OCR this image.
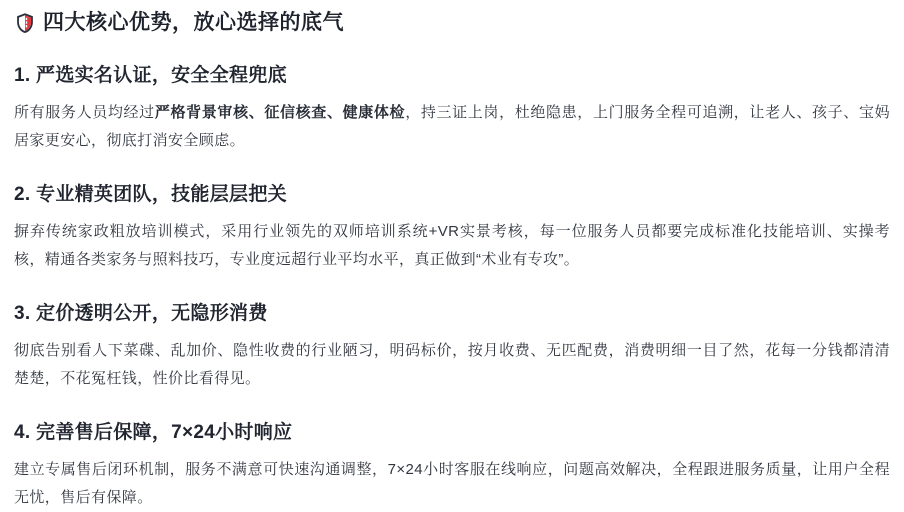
四大核心优势，放心选择的底气
1. 严选实名认证，安全全程兜底

所有服务人员均经过严格背景审核、征信核查、健康体检，持三证上岗，杜绝隐患，上门服务全程可追溯，让老人、孩子、宝妈居家更安心，彻底打消安全顾虑。

2. 专业精英团队，技能层层把关

摒弃传统家政粗放培训模式，采用行业领先的双师培训系统+VR实景考核，每一位服务人员都要完成标准化技能培训、实操考核，精通各类家务与照料技巧，专业度远超行业平均水平，真正做到“术业有专攻”。

3. 定价透明公开，无隐形消费

彻底告别看人下菜碟、乱加价、隐性收费的行业陋习，明码标价，按月收费、无匹配费，消费明细一目了然，花每一分钱都清清楚楚，不花冤枉钱，性价比看得见。

4. 完善售后保障，7×24小时响应

建立专属售后闭环机制，服务不满意可快速沟通调整，7×24小时客服在线响应，问题高效解决，全程跟进服务质量，让用户全程无忧，售后有保障。
